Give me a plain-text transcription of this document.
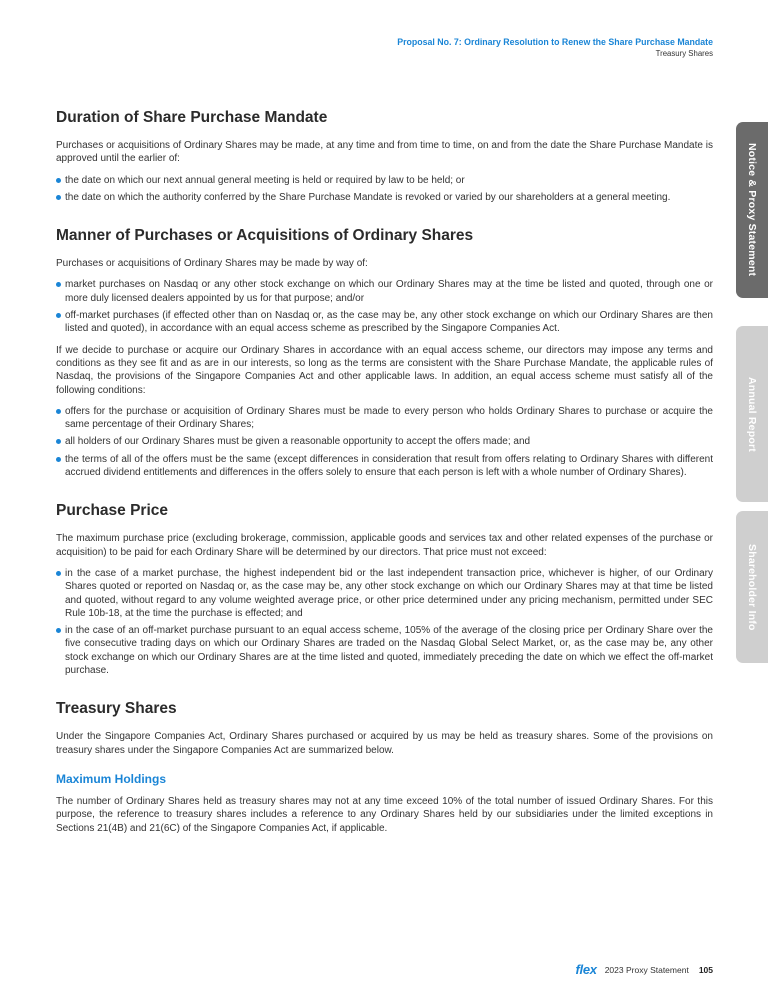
Proposal No. 7: Ordinary Resolution to Renew the Share Purchase Mandate
Treasury Shares
Notice & Proxy Statement
Annual Report
Shareholder Info
Duration of Share Purchase Mandate

Purchases or acquisitions of Ordinary Shares may be made, at any time and from time to time, on and from the date the Share Purchase Mandate is approved until the earlier of:

the date on which our next annual general meeting is held or required by law to be held; or
the date on which the authority conferred by the Share Purchase Mandate is revoked or varied by our shareholders at a general meeting.
Manner of Purchases or Acquisitions of Ordinary Shares

Purchases or acquisitions of Ordinary Shares may be made by way of:

market purchases on Nasdaq or any other stock exchange on which our Ordinary Shares may at the time be listed and quoted, through one or more duly licensed dealers appointed by us for that purpose; and/or
off-market purchases (if effected other than on Nasdaq or, as the case may be, any other stock exchange on which our Ordinary Shares are then listed and quoted), in accordance with an equal access scheme as prescribed by the Singapore Companies Act.

If we decide to purchase or acquire our Ordinary Shares in accordance with an equal access scheme, our directors may impose any terms and conditions as they see fit and as are in our interests, so long as the terms are consistent with the Share Purchase Mandate, the applicable rules of Nasdaq, the provisions of the Singapore Companies Act and other applicable laws. In addition, an equal access scheme must satisfy all of the following conditions:

offers for the purchase or acquisition of Ordinary Shares must be made to every person who holds Ordinary Shares to purchase or acquire the same percentage of their Ordinary Shares;
all holders of our Ordinary Shares must be given a reasonable opportunity to accept the offers made; and
the terms of all of the offers must be the same (except differences in consideration that result from offers relating to Ordinary Shares with different accrued dividend entitlements and differences in the offers solely to ensure that each person is left with a whole number of Ordinary Shares).
Purchase Price

The maximum purchase price (excluding brokerage, commission, applicable goods and services tax and other related expenses of the purchase or acquisition) to be paid for each Ordinary Share will be determined by our directors. That price must not exceed:

in the case of a market purchase, the highest independent bid or the last independent transaction price, whichever is higher, of our Ordinary Shares quoted or reported on Nasdaq or, as the case may be, any other stock exchange on which our Ordinary Shares may at that time be listed and quoted, without regard to any volume weighted average price, or other price determined under any pricing mechanism, permitted under SEC Rule 10b-18, at the time the purchase is effected; and
in the case of an off-market purchase pursuant to an equal access scheme, 105% of the average of the closing price per Ordinary Share over the five consecutive trading days on which our Ordinary Shares are traded on the Nasdaq Global Select Market, or, as the case may be, any other stock exchange on which our Ordinary Shares are at the time listed and quoted, immediately preceding the date on which we effect the off-market purchase.
Treasury Shares

Under the Singapore Companies Act, Ordinary Shares purchased or acquired by us may be held as treasury shares. Some of the provisions on treasury shares under the Singapore Companies Act are summarized below.

Maximum Holdings

The number of Ordinary Shares held as treasury shares may not at any time exceed 10% of the total number of issued Ordinary Shares. For this purpose, the reference to treasury shares includes a reference to any Ordinary Shares held by our subsidiaries under the limited exceptions in Sections 21(4B) and 21(6C) of the Singapore Companies Act, if applicable.

flex 2023 Proxy Statement 105
